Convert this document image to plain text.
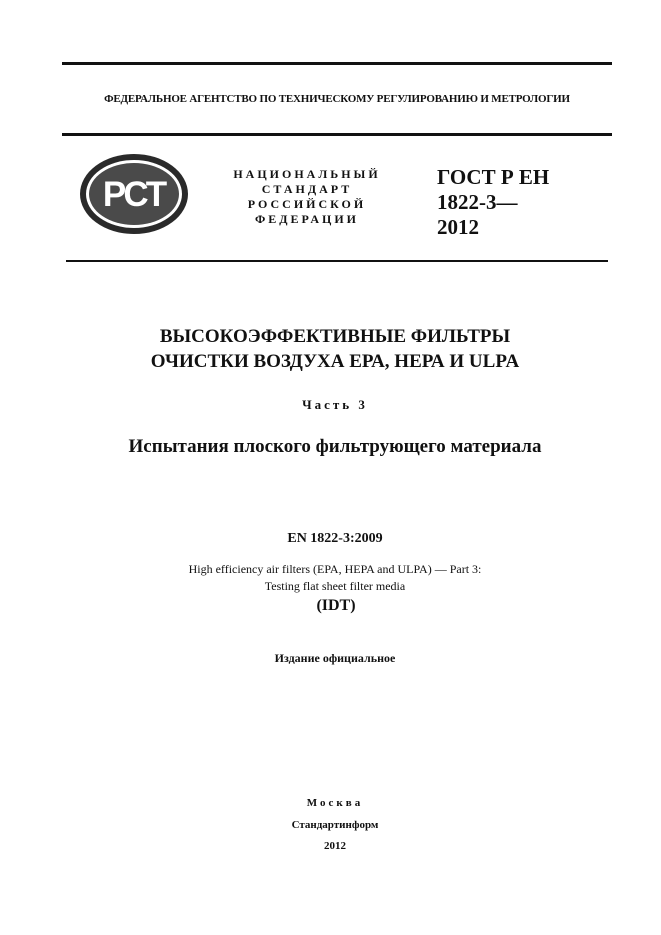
ФЕДЕРАЛЬНОЕ АГЕНТСТВО ПО ТЕХНИЧЕСКОМУ РЕГУЛИРОВАНИЮ И МЕТРОЛОГИИ
РСТ
НАЦИОНАЛЬНЫЙ
СТАНДАРТ
РОССИЙСКОЙ
ФЕДЕРАЦИИ
ГОСТ Р ЕН
1822-3—
2012
ВЫСОКОЭФФЕКТИВНЫЕ ФИЛЬТРЫ
ОЧИСТКИ ВОЗДУХА ЕРА, НЕРА И ULPA
Часть 3
Испытания плоского фильтрующего материала
EN 1822-3:2009
High efficiency air filters (EPA, HEPA and ULPA) — Part 3:
Testing flat sheet filter media
(IDT)
Издание официальное
Москва
Стандартинформ
2012
